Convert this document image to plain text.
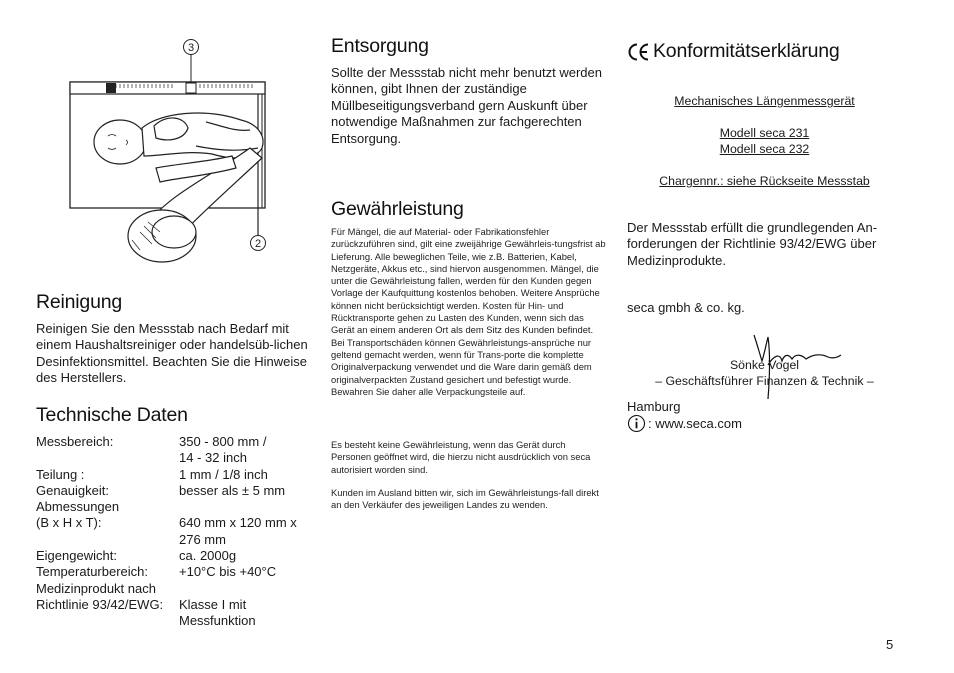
3
2
Reinigung

Reinigen Sie den Messstab nach Bedarf mit einem Haushaltsreiniger oder handelsüb-lichen Desinfektionsmittel. Beachten Sie die Hinweise des Herstellers.

Technische Daten
Messbereich:	350 - 800 mm /
14 - 32 inch
Teilung :	1 mm / 1/8 inch
Genauigkeit:	besser als ± 5 mm
Abmessungen
(B x H x T):	640 mm x 120 mm x
276 mm
Eigengewicht:	ca. 2000g
Temperaturbereich:	+10°C bis +40°C
Medizinprodukt nach
Richtlinie 93/42/EWG:	Klasse I mit
Messfunktion
Entsorgung

Sollte der Messstab nicht mehr benutzt werden können, gibt Ihnen der zuständige Müllbeseitigungsverband gern Auskunft über notwendige Maßnahmen zur fachgerechten Entsorgung.

Gewährleistung

Für Mängel, die auf Material- oder Fabrikationsfehler zurückzuführen sind, gilt eine zweijährige Gewährleis-tungsfrist ab Lieferung. Alle beweglichen Teile, wie z.B. Batterien, Kabel, Netzgeräte, Akkus etc., sind hiervon ausgenommen. Mängel, die unter die Gewährleistung fallen, werden für den Kunden gegen Vorlage der Kaufquittung kostenlos behoben. Weitere Ansprüche können nicht berücksichtigt werden. Kosten für Hin- und Rücktransporte gehen zu Lasten des Kunden, wenn sich das Gerät an einem anderen Ort als dem Sitz des Kunden befindet. Bei Transportschäden können Gewährleistungs-ansprüche nur geltend gemacht werden, wenn für Trans-porte die komplette Originalverpackung verwendet und die Ware darin gemäß dem originalverpackten Zustand gesichert und befestigt wurde. Bewahren Sie daher alle Verpackungsteile auf.

Es besteht keine Gewährleistung, wenn das Gerät durch Personen geöffnet wird, die hierzu nicht ausdrücklich von seca autorisiert worden sind.

Kunden im Ausland bitten wir, sich im Gewährleistungs-fall direkt an den Verkäufer des jeweiligen Landes zu wenden.

Konformitätserklärung
Mechanisches Längenmessgerät
Modell seca 231
Modell seca 232
Chargennr.: siehe Rückseite Messstab

Der Messstab erfüllt die grundlegenden An-forderungen der Richtlinie 93/42/EWG über Medizinprodukte.

seca gmbh & co. kg.
Sönke Vogel
– Geschäftsführer Finanzen & Technik –
Hamburg
: www.seca.com
5
